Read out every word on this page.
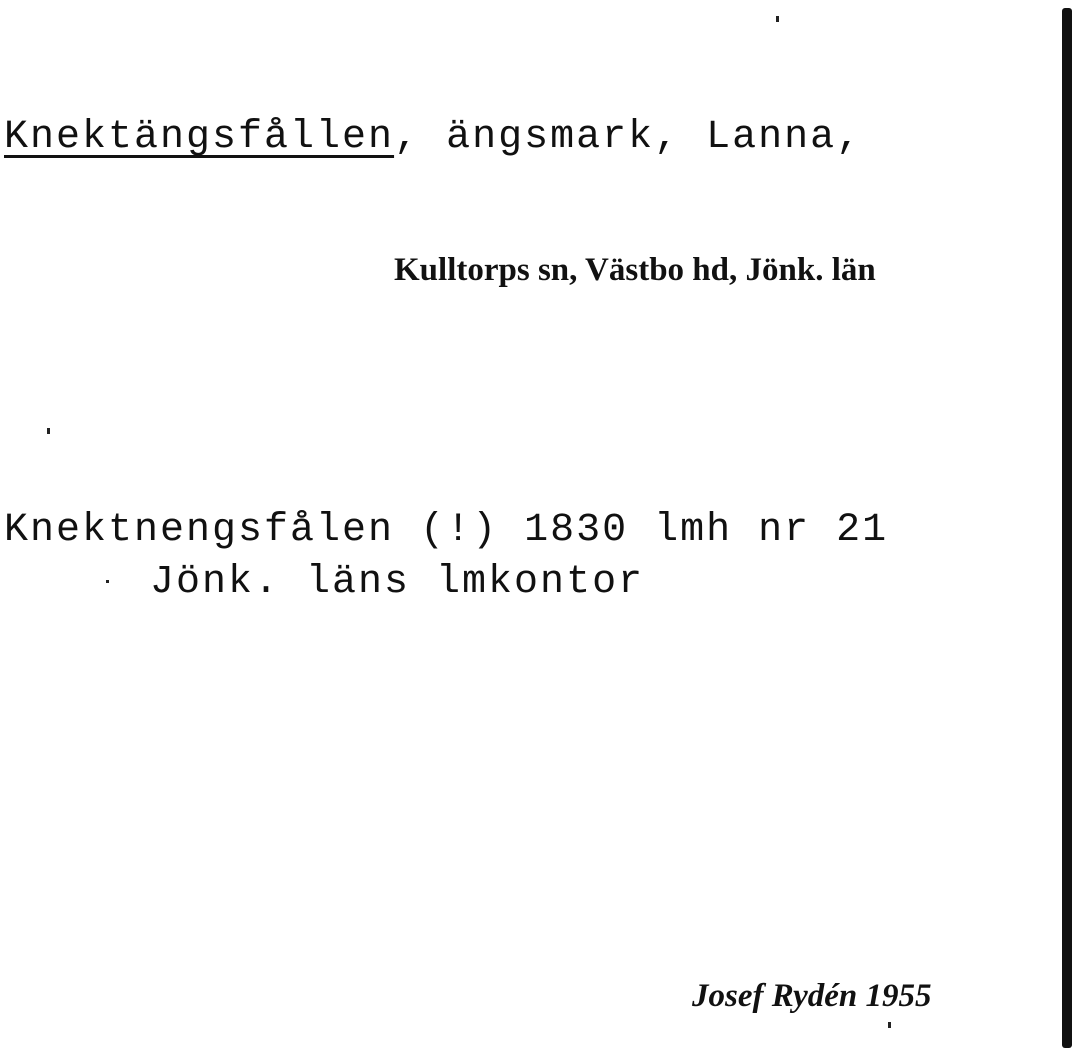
Knektängsfållen, ängsmark, Lanna,
Kulltorps sn, Västbo hd, Jönk. län
Knektnengsfålen (!) 1830 lmh nr 21
Jönk. läns lmkontor
Josef Rydén 1955
